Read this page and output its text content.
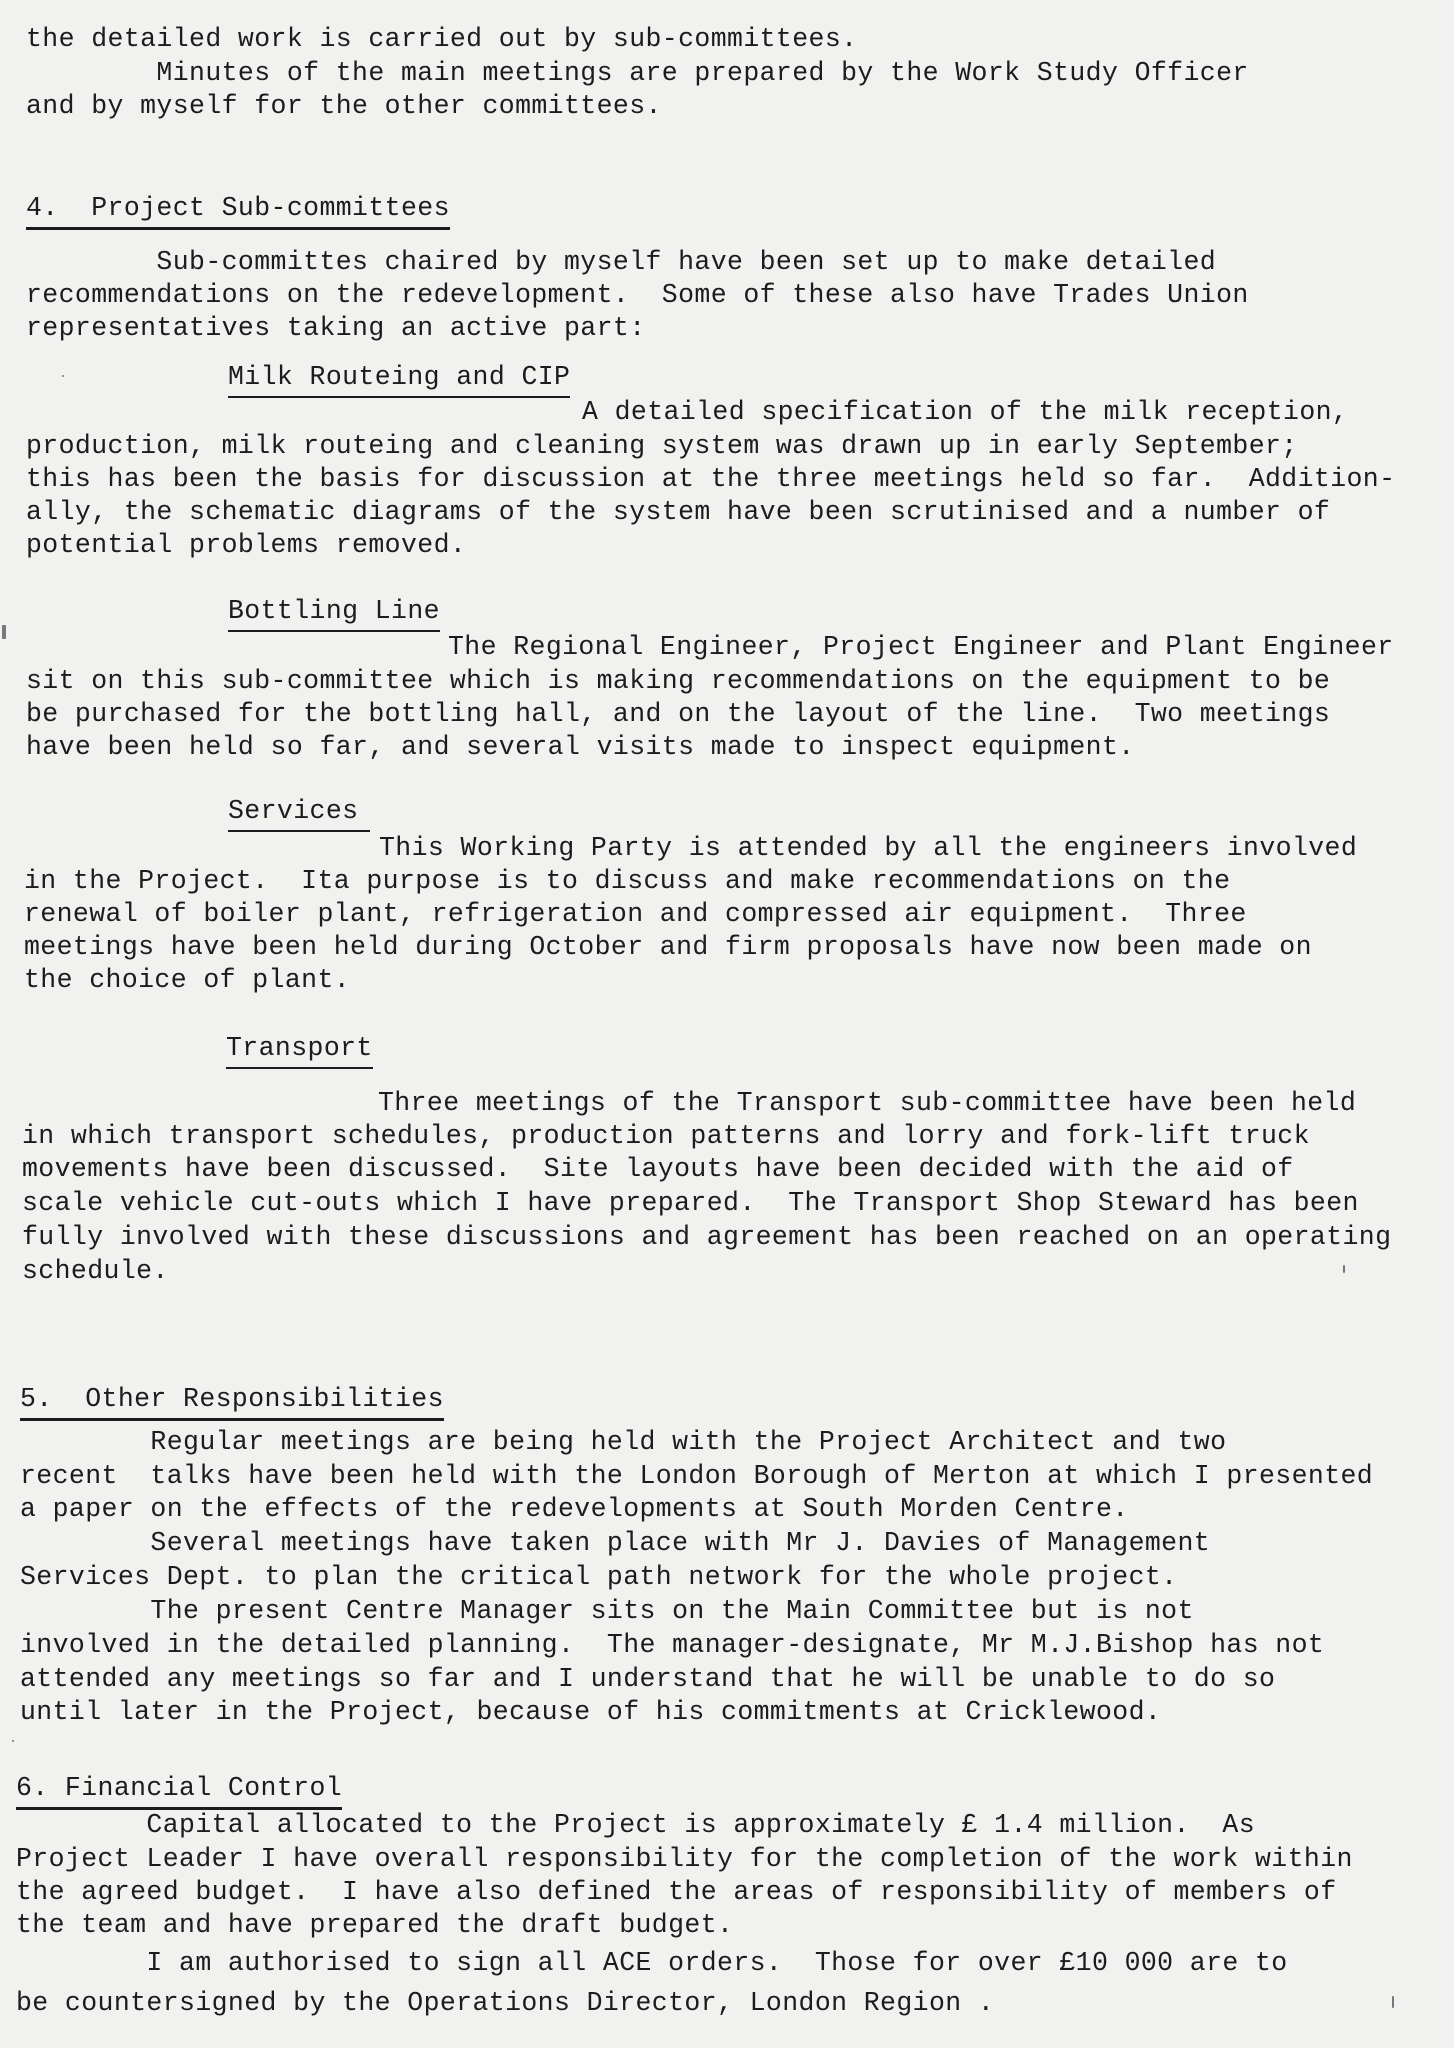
the detailed work is carried out by sub-committees.
Minutes of the main meetings are prepared by the Work Study Officer
and by myself for the other committees.
4.  Project Sub-committees
Sub-committes chaired by myself have been set up to make detailed
recommendations on the redevelopment.  Some of these also have Trades Union
representatives taking an active part:
Milk Routeing and CIP
A detailed specification of the milk reception,
production, milk routeing and cleaning system was drawn up in early September;
this has been the basis for discussion at the three meetings held so far.  Addition-
ally, the schematic diagrams of the system have been scrutinised and a number of
potential problems removed.
Bottling Line
The Regional Engineer, Project Engineer and Plant Engineer
sit on this sub-committee which is making recommendations on the equipment to be
be purchased for the bottling hall, and on the layout of the line.  Two meetings
have been held so far, and several visits made to inspect equipment.
Services
This Working Party is attended by all the engineers involved
in the Project.  Ita purpose is to discuss and make recommendations on the
renewal of boiler plant, refrigeration and compressed air equipment.  Three
meetings have been held during October and firm proposals have now been made on
the choice of plant.
Transport
Three meetings of the Transport sub-committee have been held
in which transport schedules, production patterns and lorry and fork-lift truck
movements have been discussed.  Site layouts have been decided with the aid of
scale vehicle cut-outs which I have prepared.  The Transport Shop Steward has been
fully involved with these discussions and agreement has been reached on an operating
schedule.
5.  Other Responsibilities
Regular meetings are being held with the Project Architect and two
recent  talks have been held with the London Borough of Merton at which I presented
a paper on the effects of the redevelopments at South Morden Centre.
Several meetings have taken place with Mr J. Davies of Management
Services Dept. to plan the critical path network for the whole project.
The present Centre Manager sits on the Main Committee but is not
involved in the detailed planning.  The manager-designate, Mr M.J.Bishop has not
attended any meetings so far and I understand that he will be unable to do so
until later in the Project, because of his commitments at Cricklewood.
6. Financial Control
Capital allocated to the Project is approximately £ 1.4 million.  As
Project Leader I have overall responsibility for the completion of the work within
the agreed budget.  I have also defined the areas of responsibility of members of
the team and have prepared the draft budget.
I am authorised to sign all ACE orders.  Those for over £10 000 are to
be countersigned by the Operations Director, London Region .
